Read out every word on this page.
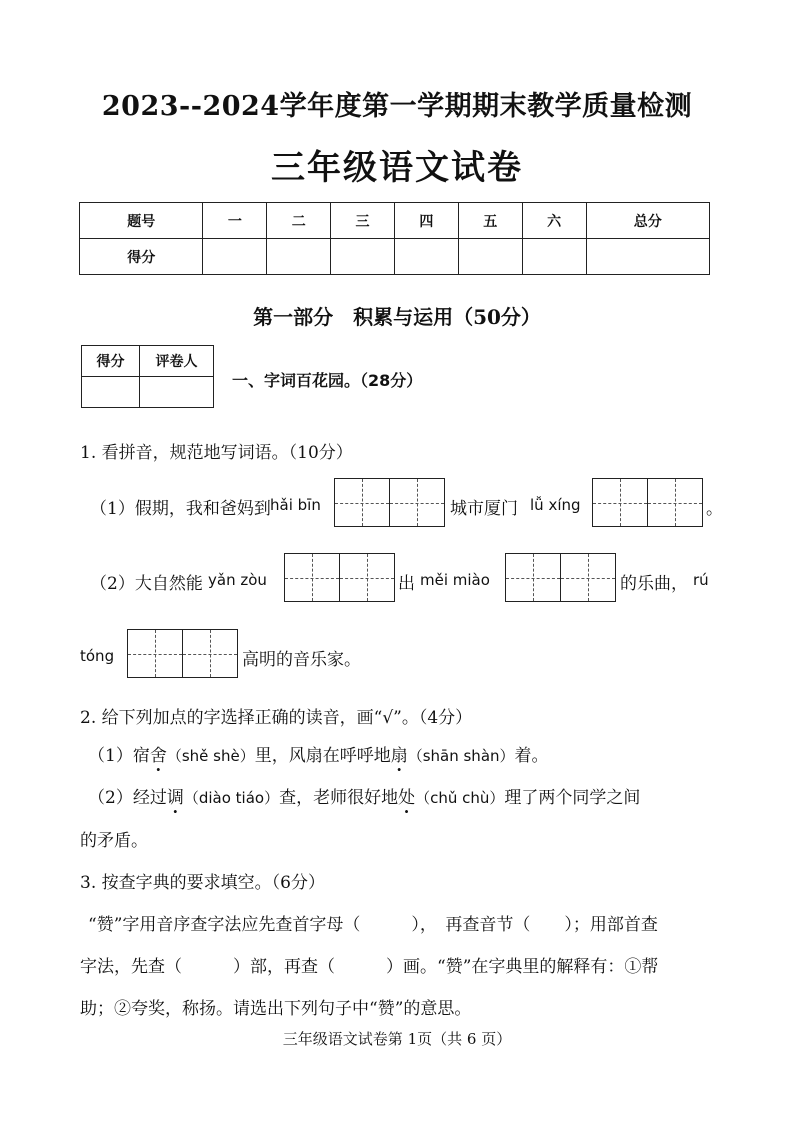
2023--2024学年度第一学期期末教学质量检测
三年级语文试卷
题号	一	二	三	四	五	六	总分
得分							
第一部分　积累与运用（50分）
得分	评卷人

一、字词百花园。（28分）
1. 看拼音，规范地写词语。（10分）
（1）假期，我和爸妈到 hǎi bīn	城市厦门 lǚ xíng	。
（2）大自然能 yǎn zòu	出 měi miào	的乐曲， rú
tóng	高明的音乐家。
2. 给下列加点的字选择正确的读音，画“√”。（4分）
（1）宿舍（shě shè）里，风扇在呼呼地扇（shān shàn）着。
（2）经过调（diào tiáo）查，老师很好地处（chǔ chù）理了两个同学之间
的矛盾。
3. 按查字典的要求填空。（6分）
“赞”字用音序查字法应先查首字母（　　　），　再查音节（　　）；用部首查
字法，先查（　　　）部，再查（　　　）画。“赞”在字典里的解释有：①帮
助；②夸奖，称扬。请选出下列句子中“赞”的意思。
三年级语文试卷第 1页（共 6 页）
